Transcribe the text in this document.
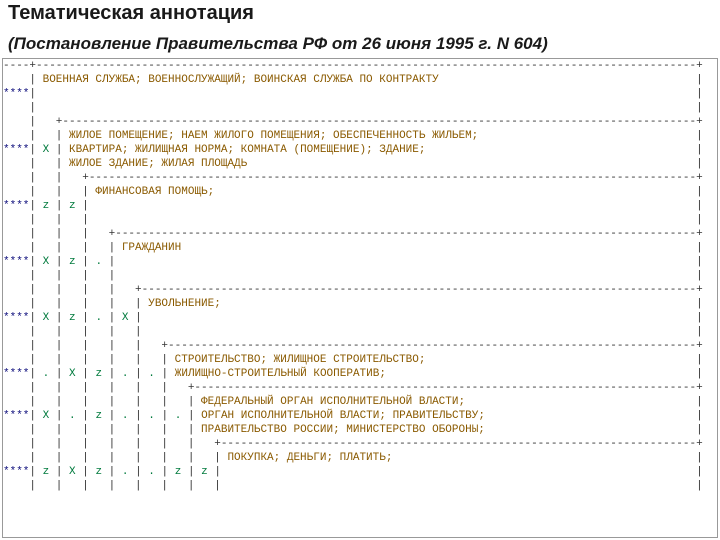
Тематическая аннотация
(Постановление Правительства РФ от 26 июня 1995 г. N 604)
----+----------------------------------------------------------------------------------------------------+
| ВОЕННАЯ СЛУЖБА; ВОЕННОСЛУЖАЩИЙ; ВОИНСКАЯ СЛУЖБА ПО КОНТРАКТУ                                       |
****|                                                                                                    |
|                                                                                                    |
|   +------------------------------------------------------------------------------------------------+
|   | ЖИЛОЕ ПОМЕЩЕНИЕ; НАЕМ ЖИЛОГО ПОМЕЩЕНИЯ; ОБЕСПЕЧЕННОСТЬ ЖИЛЬЕМ;                                 |
****| X | КВАРТИРА; ЖИЛИЩНАЯ НОРМА; КОМНАТА (ПОМЕЩЕНИЕ); ЗДАНИЕ;                                         |
|   | ЖИЛОЕ ЗДАНИЕ; ЖИЛАЯ ПЛОЩАДЬ                                                                    |
|   |   +--------------------------------------------------------------------------------------------+
|   |   | ФИНАНСОВАЯ ПОМОЩЬ;                                                                         |
****| z | z |                                                                                            |
|   |   |                                                                                            |
|   |   |   +----------------------------------------------------------------------------------------+
|   |   |   | ГРАЖДАНИН                                                                              |
****| X | z | . |                                                                                        |
|   |   |   |                                                                                        |
|   |   |   |   +------------------------------------------------------------------------------------+
|   |   |   |   | УВОЛЬНЕНИЕ;                                                                        |
****| X | z | . | X |                                                                                    |
|   |   |   |   |                                                                                    |
|   |   |   |   |   +--------------------------------------------------------------------------------+
|   |   |   |   |   | СТРОИТЕЛЬСТВО; ЖИЛИЩНОЕ СТРОИТЕЛЬСТВО;                                         |
****| . | X | z | . | . | ЖИЛИЩНО-СТРОИТЕЛЬНЫЙ КООПЕРАТИВ;                                               |
|   |   |   |   |   |   +----------------------------------------------------------------------------+
|   |   |   |   |   |   | ФЕДЕРАЛЬНЫЙ ОРГАН ИСПОЛНИТЕЛЬНОЙ ВЛАСТИ;                                   |
****| X | . | z | . | . | . | ОРГАН ИСПОЛНИТЕЛЬНОЙ ВЛАСТИ; ПРАВИТЕЛЬСТВУ;                                |
|   |   |   |   |   |   | ПРАВИТЕЛЬСТВО РОССИИ; МИНИСТЕРСТВО ОБОРОНЫ;                                |
|   |   |   |   |   |   |   +------------------------------------------------------------------------+
|   |   |   |   |   |   |   | ПОКУПКА; ДЕНЬГИ; ПЛАТИТЬ;                                              |
****| z | X | z | . | . | z | z |                                                                        |
|   |   |   |   |   |   |   |                                                                        |
